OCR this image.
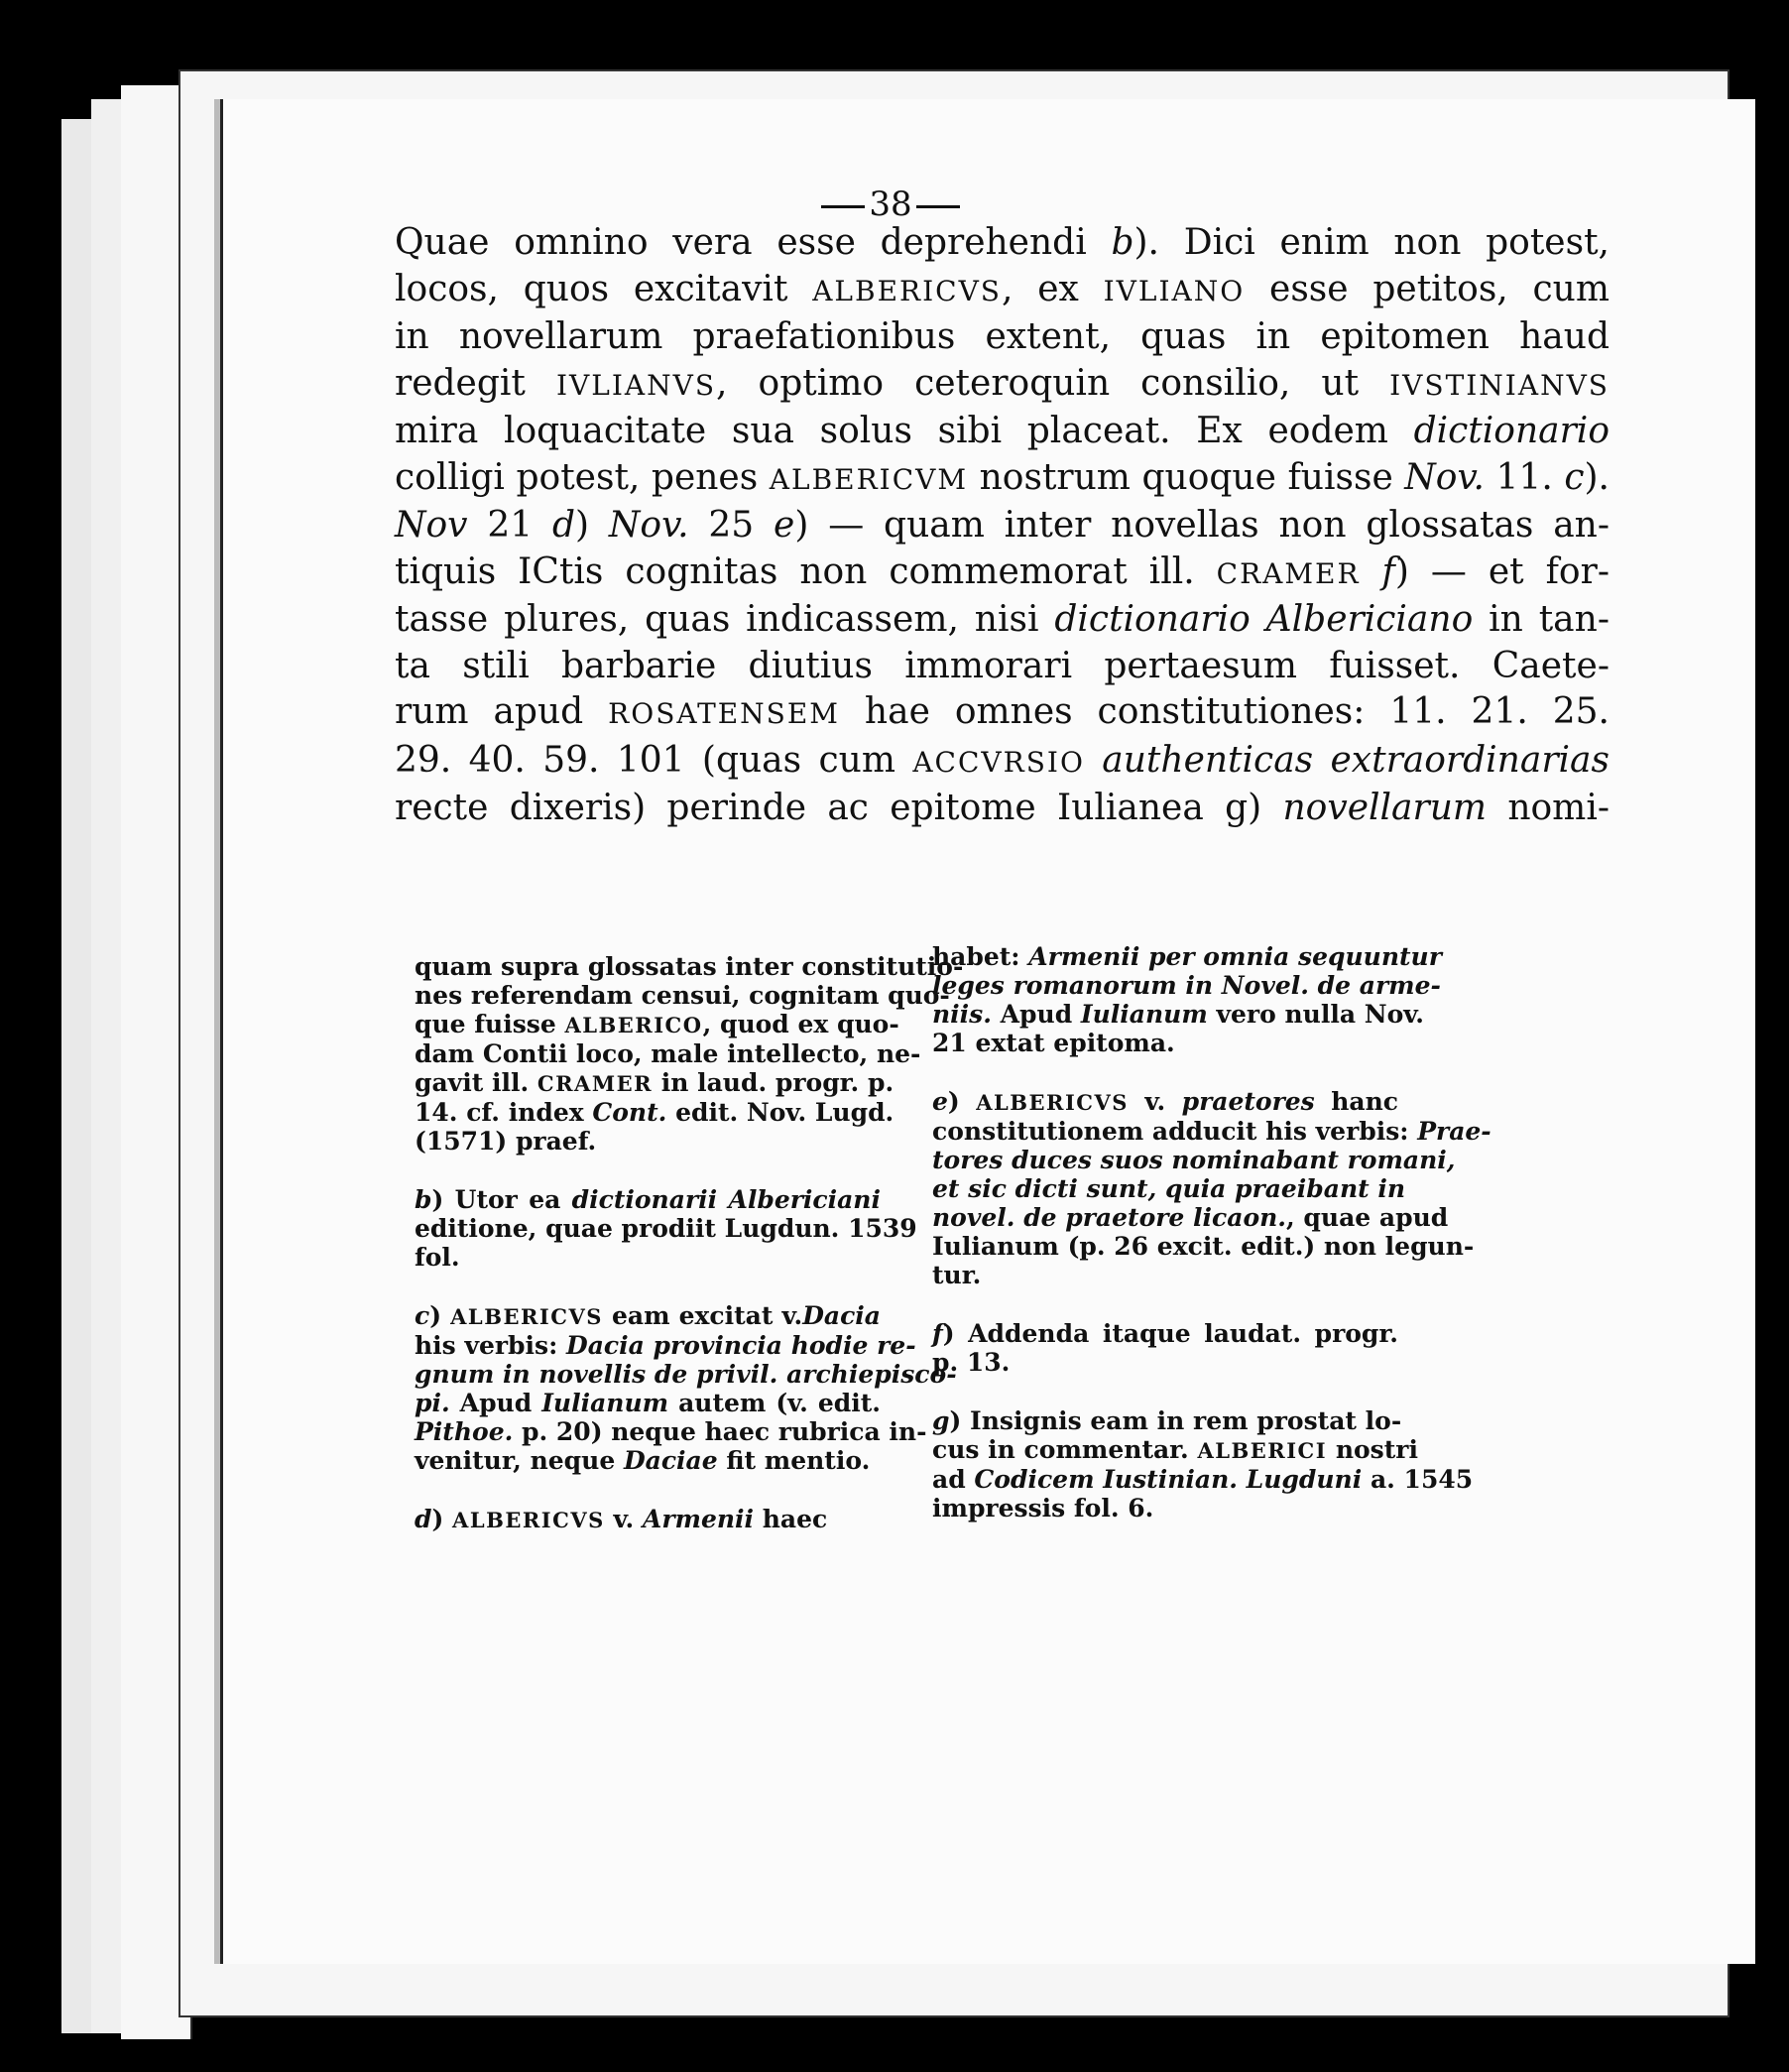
38
Quae omnino vera esse deprehendi b). Dici enim non potest,
locos, quos excitavit ALBERICVS, ex IVLIANO esse petitos, cum
in novellarum praefationibus extent, quas in epitomen haud
redegit IVLIANVS, optimo ceteroquin consilio, ut IVSTINIANVS
mira loquacitate sua solus sibi placeat. Ex eodem dictionario
colligi potest, penes ALBERICVM nostrum quoque fuisse Nov. 11. c).
Nov 21 d) Nov. 25 e) — quam inter novellas non glossatas an-
tiquis ICtis cognitas non commemorat ill. CRAMER f) — et for-
tasse plures, quas indicassem, nisi dictionario Albericiano in tan-
ta stili barbarie diutius immorari pertaesum fuisset. Caete-
rum apud ROSATENSEM hae omnes constitutiones: 11. 21. 25.
29. 40. 59. 101 (quas cum ACCVRSIO authenticas extraordinarias
recte dixeris) perinde ac epitome Iulianea g) novellarum nomi-
quam supra glossatas inter constitutio-
nes referendam censui, cognitam quo-
que fuisse ALBERICO, quod ex quo-
dam Contii loco, male intellecto, ne-
gavit ill. CRAMER in laud. progr. p.
14. cf. index Cont. edit. Nov. Lugd.
(1571) praef.
b) Utor ea dictionarii Albericiani
editione, quae prodiit Lugdun. 1539
fol.
c) ALBERICVS eam excitat v.Dacia
his verbis: Dacia provincia hodie re-
gnum in novellis de privil. archiepisco-
pi. Apud Iulianum autem (v. edit.
Pithoe. p. 20) neque haec rubrica in-
venitur, neque Daciae fit mentio.
d) ALBERICVS v. Armenii haec
habet: Armenii per omnia sequuntur
leges romanorum in Novel. de arme-
niis. Apud Iulianum vero nulla Nov.
21 extat epitoma.
e) ALBERICVS v. praetores hanc
constitutionem adducit his verbis: Prae-
tores duces suos nominabant romani,
et sic dicti sunt, quia praeibant in
novel. de praetore licaon., quae apud
Iulianum (p. 26 excit. edit.) non legun-
tur.
f) Addenda itaque laudat. progr.
p. 13.
g) Insignis eam in rem prostat lo-
cus in commentar. ALBERICI nostri
ad Codicem Iustinian. Lugduni a. 1545
impressis fol. 6.
